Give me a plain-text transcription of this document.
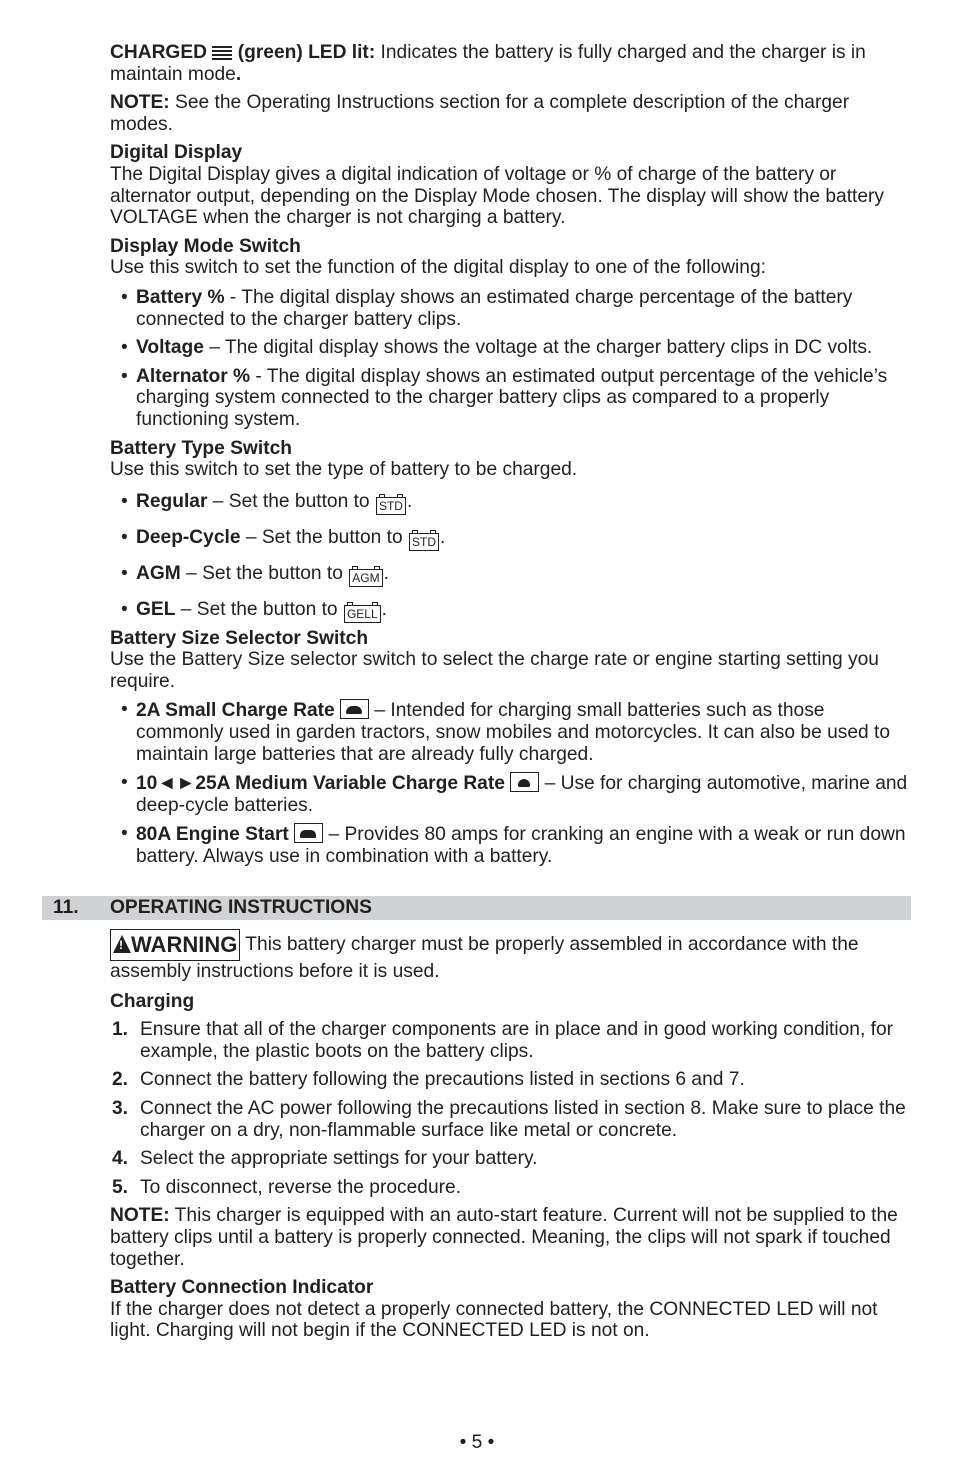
CHARGED (green) LED lit: Indicates the battery is fully charged and the charger is in maintain mode.

NOTE: See the Operating Instructions section for a complete description of the charger modes.

Digital Display

The Digital Display gives a digital indication of voltage or % of charge of the battery or alternator output, depending on the Display Mode chosen. The display will show the battery VOLTAGE when the charger is not charging a battery.

Display Mode Switch

Use this switch to set the function of the digital display to one of the following:

• Battery % - The digital display shows an estimated charge percentage of the battery connected to the charger battery clips.
• Voltage – The digital display shows the voltage at the charger battery clips in DC volts.
• Alternator % - The digital display shows an estimated output percentage of the vehicle’s charging system connected to the charger battery clips as compared to a properly functioning system.

Battery Type Switch

Use this switch to set the type of battery to be charged.

• Regular – Set the button to STD .
• Deep-Cycle – Set the button to STD .
• AGM – Set the button to AGM .
• GEL – Set the button to GELL .

Battery Size Selector Switch

Use the Battery Size selector switch to select the charge rate or engine starting setting you require.

• 2A Small Charge Rate
– Intended for charging small batteries such as those commonly used in garden tractors, snow mobiles and motorcycles. It can also be used to maintain large batteries that are already fully charged.
• 10◄►25A Medium Variable Charge Rate
– Use for charging automotive, marine and deep-cycle batteries.
• 80A Engine Start
– Provides 80 amps for cranking an engine with a weak or run down battery. Always use in combination with a battery.
11. OPERATING INSTRUCTIONS

!WARNING This battery charger must be properly assembled in accordance with the assembly instructions before it is used.

Charging

1. Ensure that all of the charger components are in place and in good working condition, for example, the plastic boots on the battery clips.
2. Connect the battery following the precautions listed in sections 6 and 7.
3. Connect the AC power following the precautions listed in section 8. Make sure to place the charger on a dry, non-flammable surface like metal or concrete.
4. Select the appropriate settings for your battery.
5. To disconnect, reverse the procedure.

NOTE: This charger is equipped with an auto-start feature. Current will not be supplied to the battery clips until a battery is properly connected. Meaning, the clips will not spark if touched together.

Battery Connection Indicator

If the charger does not detect a properly connected battery, the CONNECTED LED will not light. Charging will not begin if the CONNECTED LED is not on.

• 5 •
